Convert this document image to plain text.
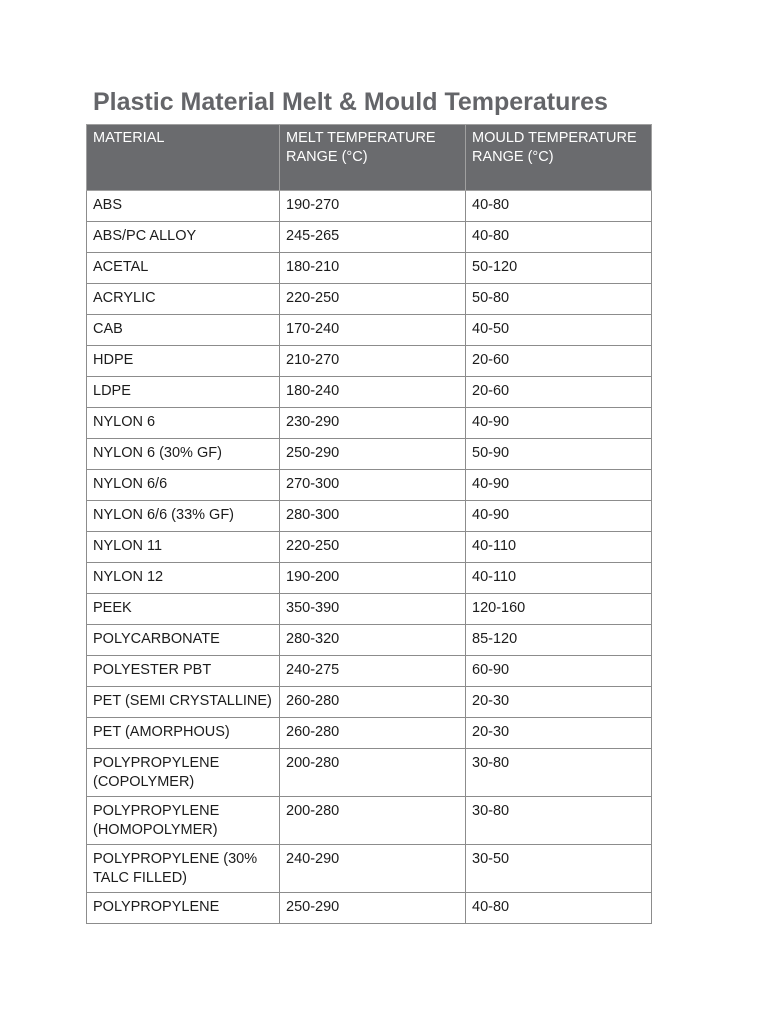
Plastic Material Melt & Mould Temperatures
MATERIAL	MELT TEMPERATURE RANGE (°C)	MOULD TEMPERATURE RANGE (°C)
ABS	190-270	40-80
ABS/PC ALLOY	245-265	40-80
ACETAL	180-210	50-120
ACRYLIC	220-250	50-80
CAB	170-240	40-50
HDPE	210-270	20-60
LDPE	180-240	20-60
NYLON 6	230-290	40-90
NYLON 6 (30% GF)	250-290	50-90
NYLON 6/6	270-300	40-90
NYLON 6/6 (33% GF)	280-300	40-90
NYLON 11	220-250	40-110
NYLON 12	190-200	40-110
PEEK	350-390	120-160
POLYCARBONATE	280-320	85-120
POLYESTER PBT	240-275	60-90
PET (SEMI CRYSTALLINE)	260-280	20-30
PET (AMORPHOUS)	260-280	20-30
POLYPROPYLENE (COPOLYMER)	200-280	30-80
POLYPROPYLENE (HOMOPOLYMER)	200-280	30-80
POLYPROPYLENE (30% TALC FILLED)	240-290	30-50
POLYPROPYLENE	250-290	40-80
